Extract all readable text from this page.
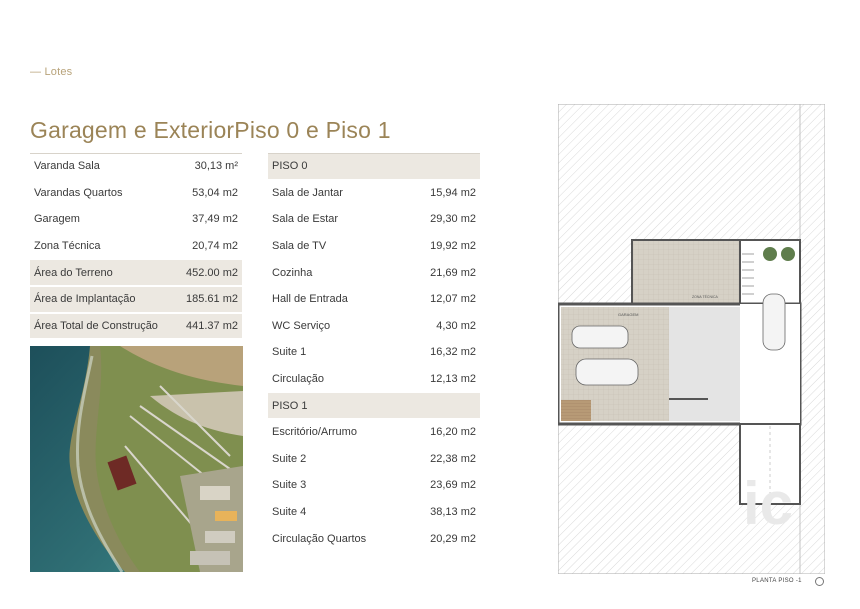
— Lotes
Garagem e ExteriorPiso 0 e Piso 1
Varanda Sala	30,13 m²
Varandas Quartos	53,04 m2
Garagem	37,49 m2
Zona Técnica	20,74 m2
Área do Terreno	452.00 m2
Área de Implantação	185.61 m2
Área Total de Construção	441.37 m2
PISO 0
Sala de Jantar	15,94 m2
Sala de Estar	29,30 m2
Sala de TV	19,92 m2
Cozinha	21,69 m2
Hall de Entrada	12,07 m2
WC Serviço	4,30 m2
Suite 1	16,32 m2
Circulação	12,13 m2
PISO 1
Escritório/Arrumo	16,20 m2
Suite 2	22,38 m2
Suite 3	23,69 m2
Suite 4	38,13 m2
Circulação Quartos	20,29 m2
GARAGEM
ZONA TÉCNICA
ic
PLANTA PISO -1
